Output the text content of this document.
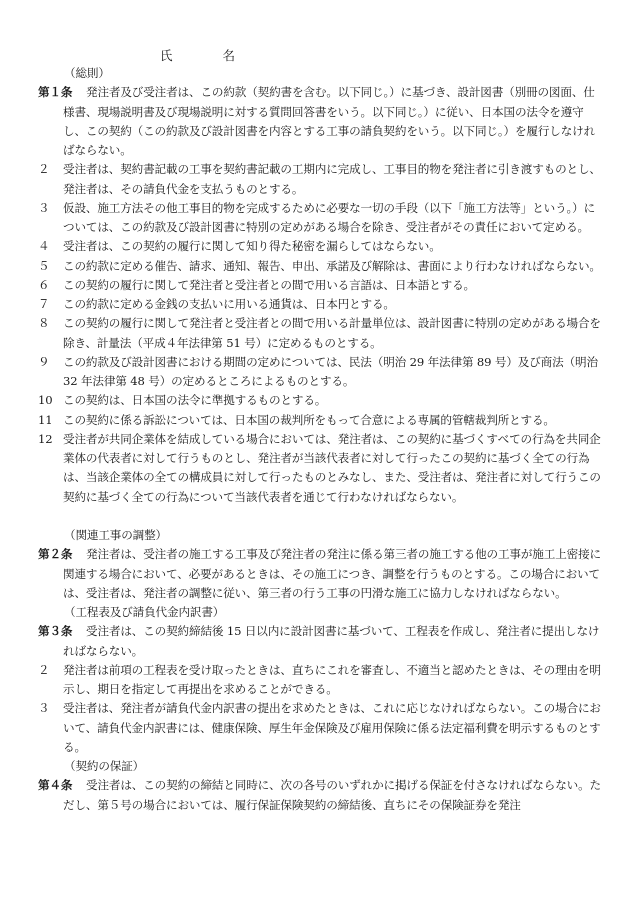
氏	名
（総則）
第１条 発注者及び受注者は、この約款（契約書を含む。以下同じ。）に基づき、設計図書（別冊の図面、仕様書、現場説明書及び現場説明に対する質問回答書をいう。以下同じ。）に従い、日本国の法令を遵守し、この契約（この約款及び設計図書を内容とする工事の請負契約をいう。以下同じ。）を履行しなければならない。
２ 受注者は、契約書記載の工事を契約書記載の工期内に完成し、工事目的物を発注者に引き渡すものとし、発注者は、その請負代金を支払うものとする。
３ 仮設、施工方法その他工事目的物を完成するために必要な一切の手段（以下「施工方法等」という。）については、この約款及び設計図書に特別の定めがある場合を除き、受注者がその責任において定める。
４ 受注者は、この契約の履行に関して知り得た秘密を漏らしてはならない。
５ この約款に定める催告、請求、通知、報告、申出、承諾及び解除は、書面により行わなければならない。
６ この契約の履行に関して発注者と受注者との間で用いる言語は、日本語とする。
７ この約款に定める金銭の支払いに用いる通貨は、日本円とする。
８ この契約の履行に関して発注者と受注者との間で用いる計量単位は、設計図書に特別の定めがある場合を除き、計量法（平成４年法律第 51 号）に定めるものとする。
９ この約款及び設計図書における期間の定めについては、民法（明治 29 年法律第 89 号）及び商法（明治 32 年法律第 48 号）の定めるところによるものとする。
10 この契約は、日本国の法令に準拠するものとする。
11 この契約に係る訴訟については、日本国の裁判所をもって合意による専属的管轄裁判所とする。
12 受注者が共同企業体を結成している場合においては、発注者は、この契約に基づくすべての行為を共同企業体の代表者に対して行うものとし、発注者が当該代表者に対して行ったこの契約に基づく全ての行為は、当該企業体の全ての構成員に対して行ったものとみなし、また、受注者は、発注者に対して行うこの契約に基づく全ての行為について当該代表者を通じて行わなければならない。
（関連工事の調整）
第２条 発注者は、受注者の施工する工事及び発注者の発注に係る第三者の施工する他の工事が施工上密接に関連する場合において、必要があるときは、その施工につき、調整を行うものとする。この場合においては、受注者は、発注者の調整に従い、第三者の行う工事の円滑な施工に協力しなければならない。
（工程表及び請負代金内訳書）
第３条 受注者は、この契約締結後 15 日以内に設計図書に基づいて、工程表を作成し、発注者に提出しなければならない。
２ 発注者は前項の工程表を受け取ったときは、直ちにこれを審査し、不適当と認めたときは、その理由を明示し、期日を指定して再提出を求めることができる。
３ 受注者は、発注者が請負代金内訳書の提出を求めたときは、これに応じなければならない。この場合において、請負代金内訳書には、健康保険、厚生年金保険及び雇用保険に係る法定福利費を明示するものとする。
（契約の保証）
第４条 受注者は、この契約の締結と同時に、次の各号のいずれかに掲げる保証を付さなければならない。ただし、第５号の場合においては、履行保証保険契約の締結後、直ちにその保険証券を発注
